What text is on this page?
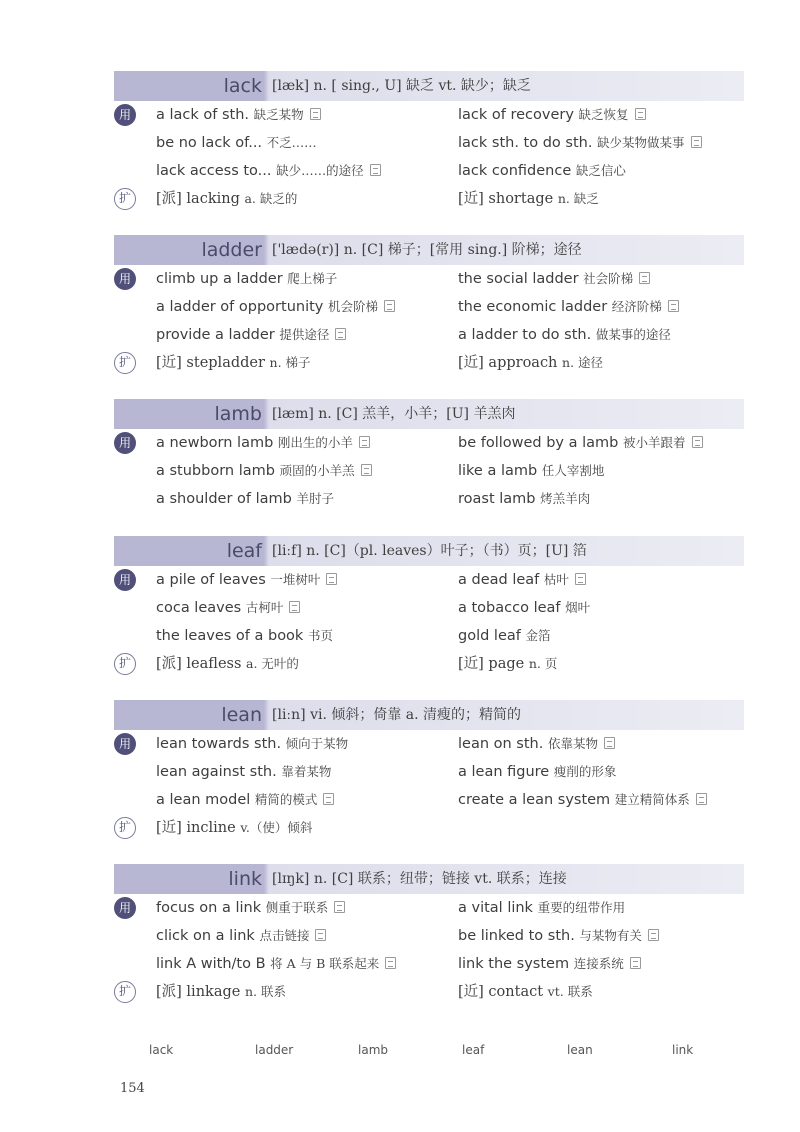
lack [læk] n. [ sing., U] 缺乏 vt. 缺少；缺乏
用	a lack of sth. 缺乏某物	lack of recovery 缺乏恢复
be no lack of... 不乏……	lack sth. to do sth. 缺少某物做某事
lack access to... 缺少……的途径	lack confidence 缺乏信心
扩	[派] lacking a. 缺乏的	[近] shortage n. 缺乏
ladder ['lædə(r)] n. [C] 梯子；[常用 sing.] 阶梯；途径
用	climb up a ladder 爬上梯子	the social ladder 社会阶梯
a ladder of opportunity 机会阶梯	the economic ladder 经济阶梯
provide a ladder 提供途径	a ladder to do sth. 做某事的途径
扩	[近] stepladder n. 梯子	[近] approach n. 途径
lamb [læm] n. [C] 羔羊，小羊；[U] 羊羔肉
用	a newborn lamb 刚出生的小羊	be followed by a lamb 被小羊跟着
a stubborn lamb 顽固的小羊羔	like a lamb 任人宰割地
a shoulder of lamb 羊肘子	roast lamb 烤羔羊肉
leaf [liːf] n. [C]（pl. leaves）叶子；（书）页；[U] 箔
用	a pile of leaves 一堆树叶	a dead leaf 枯叶
coca leaves 古柯叶	a tobacco leaf 烟叶
the leaves of a book 书页	gold leaf 金箔
扩	[派] leafless a. 无叶的	[近] page n. 页
lean [liːn] vi. 倾斜；倚靠 a. 清瘦的；精简的
用	lean towards sth. 倾向于某物	lean on sth. 依靠某物
lean against sth. 靠着某物	a lean figure 瘦削的形象
a lean model 精简的模式	create a lean system 建立精简体系
扩	[近] incline v.（使）倾斜
link [lɪŋk] n. [C] 联系；纽带；链接 vt. 联系；连接
用	focus on a link 侧重于联系	a vital link 重要的纽带作用
click on a link 点击链接	be linked to sth. 与某物有关
link A with/to B 将 A 与 B 联系起来	link the system 连接系统
扩	[派] linkage n. 联系	[近] contact vt. 联系
lack	ladder	lamb	leaf	lean	link
154
